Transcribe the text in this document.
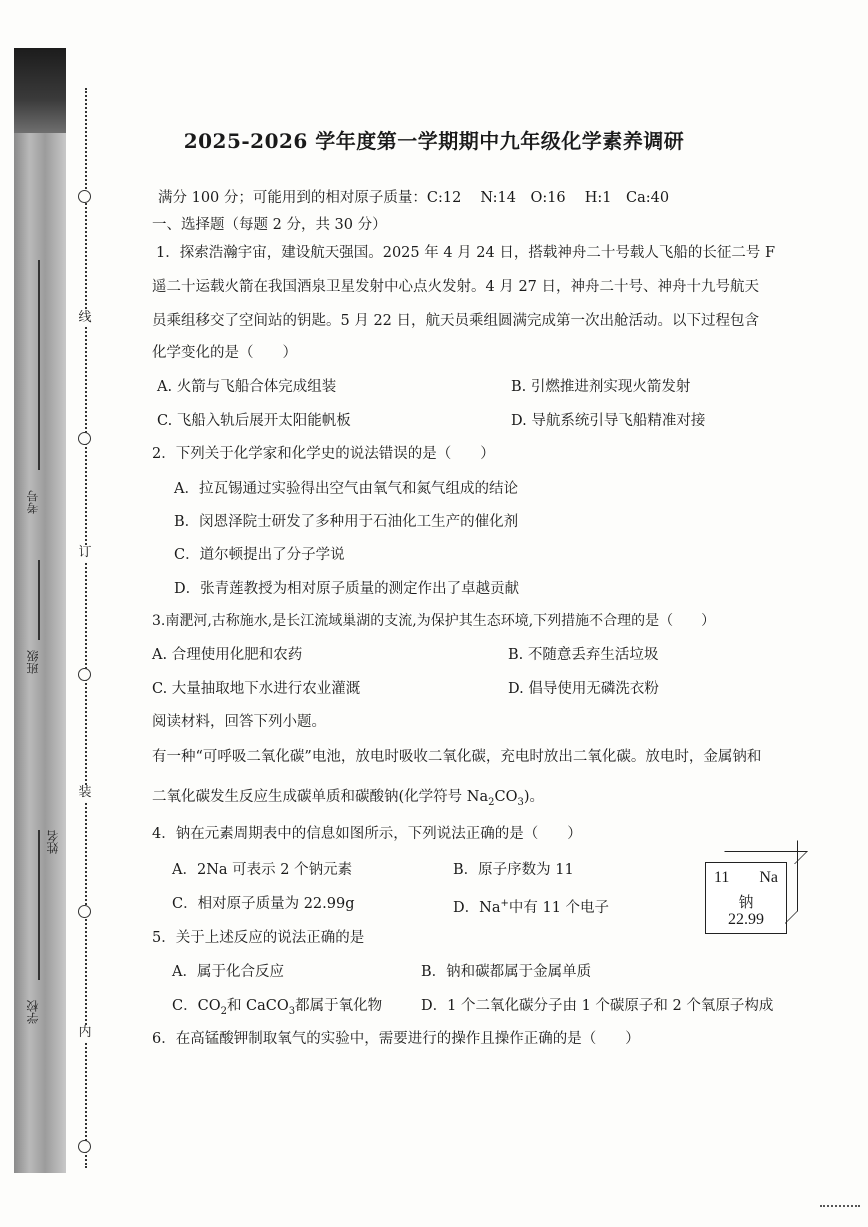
学校
班级
姓名
考号
线
订
装
内
2025-2026 学年度第一学期期中九年级化学素养调研
满分 100 分；可能用到的相对原子质量：C:12　 N:14　O:16　 H:1　Ca:40
一、选择题（每题 2 分，共 30 分）
1．探索浩瀚宇宙，建设航天强国。2025 年 4 月 24 日，搭载神舟二十号载人飞船的长征二号 F
遥二十运载火箭在我国酒泉卫星发射中心点火发射。4 月 27 日，神舟二十号、神舟十九号航天
员乘组移交了空间站的钥匙。5 月 22 日，航天员乘组圆满完成第一次出舱活动。以下过程包含
化学变化的是（　　）
A. 火箭与飞船合体完成组装	B. 引燃推进剂实现火箭发射
C. 飞船入轨后展开太阳能帆板	D. 导航系统引导飞船精准对接
2．下列关于化学家和化学史的说法错误的是（　　）
A．拉瓦锡通过实验得出空气由氧气和氮气组成的结论
B．闵恩泽院士研发了多种用于石油化工生产的催化剂
C．道尔顿提出了分子学说
D．张青莲教授为相对原子质量的测定作出了卓越贡献
3.南淝河,古称施水,是长江流域巢湖的支流,为保护其生态环境,下列措施不合理的是（　　）
A. 合理使用化肥和农药	B. 不随意丢弃生活垃圾
C. 大量抽取地下水进行农业灌溉	D. 倡导使用无磷洗衣粉
阅读材料，回答下列小题。
有一种“可呼吸二氧化碳”电池，放电时吸收二氧化碳，充电时放出二氧化碳。放电时，金属钠和
二氧化碳发生反应生成碳单质和碳酸钠(化学符号 $Na_2CO_3$)。
4．钠在元素周期表中的信息如图所示，下列说法正确的是（　　）
A．2Na 可表示 2 个钠元素	B．原子序数为 11
C．相对原子质量为 22.99g	D．Na+中有 11 个电子
11 Na
钠
22.99
5．关于上述反应的说法正确的是
A．属于化合反应	B．钠和碳都属于金属单质
C．$CO_2$和 CaCO$_3$都属于氧化物	D．1 个二氧化碳分子由 1 个碳原子和 2 个氧原子构成
6．在高锰酸钾制取氧气的实验中，需要进行的操作且操作正确的是（　　）
